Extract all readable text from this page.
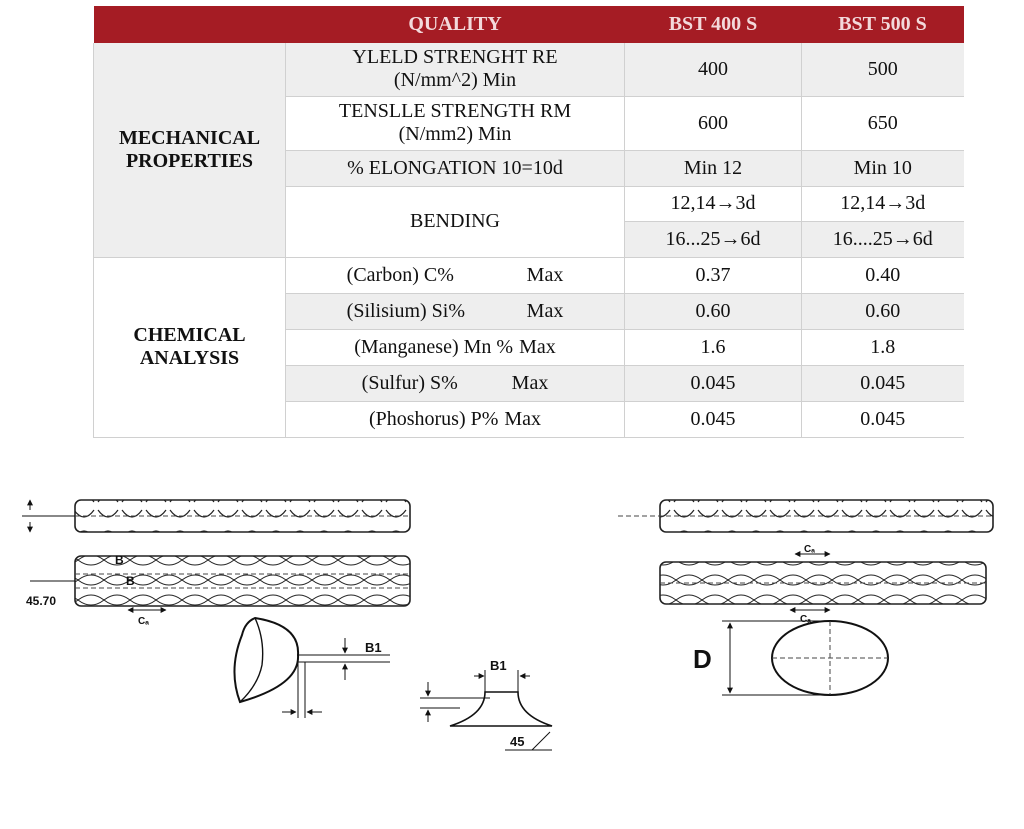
	QUALITY	BST 400 S	BST 500 S
MECHANICAL PROPERTIES	YLELD STRENGHT RE
(N/mm^2) Min	400	500
	TENSLLE STRENGTH RM
(N/mm2) Min	600	650
	% ELONGATION 10=10d	Min 12	Min 10
	BENDING	12,14→3d	12,14→3d
		16...25→6d	16....25→6d
CHEMICAL ANALYSIS	(Carbon) C% Max	0.37	0.40

	(Silisium) Si% Max	0.60	0.60

	(Manganese) Mn % Max	1.6	1.8

	(Sulfur) S% Max	0.045	0.045

	(Phoshorus) P% Max	0.045	0.045
B
B
45.70
Cₐ
B1
B1
45
Cₐ
Cₐ
D
